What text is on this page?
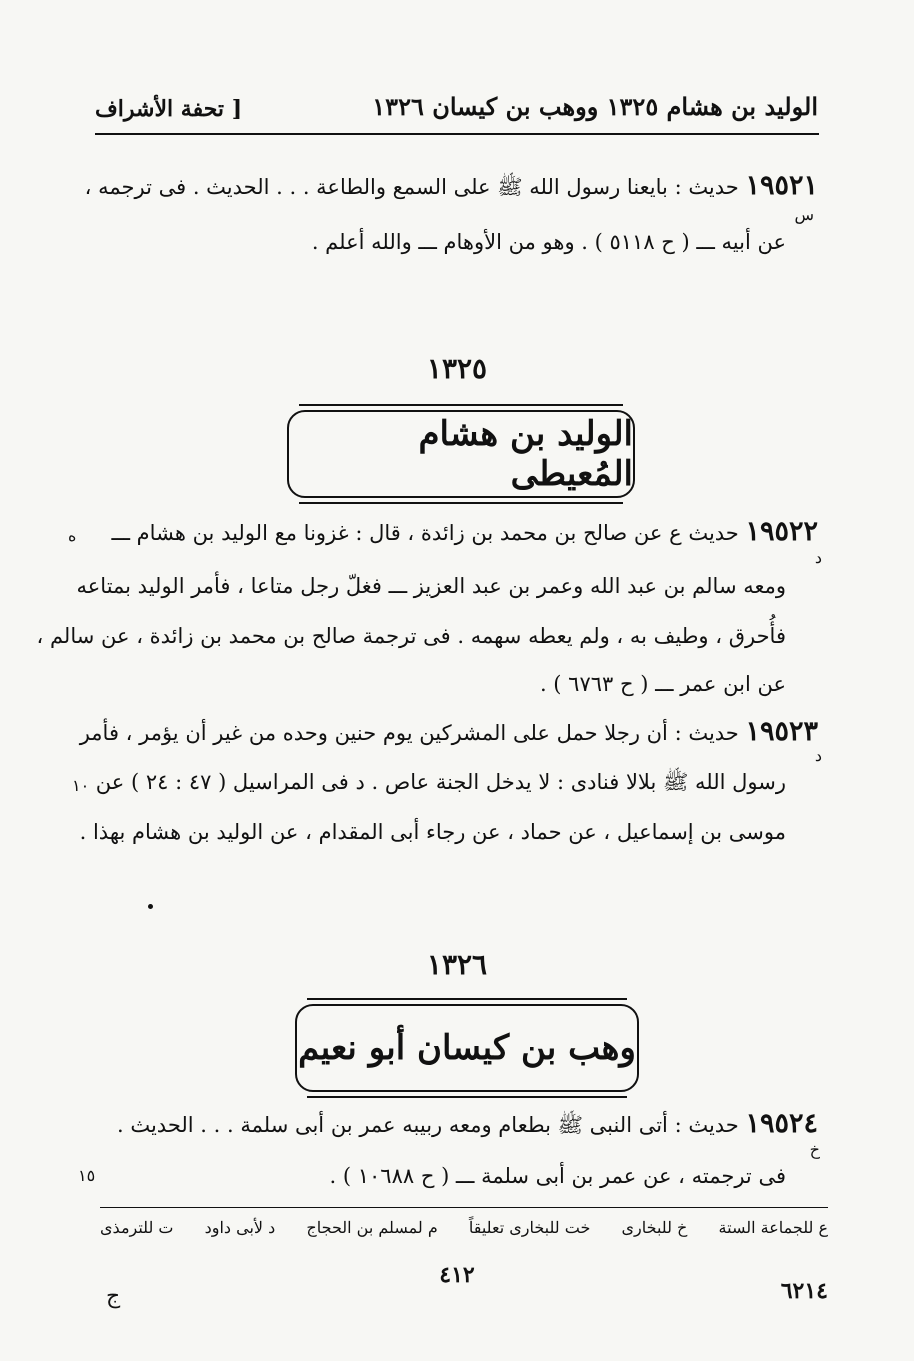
الوليد بن هشام ١٣٢٥ ووهب بن كيسان ١٣٢٦
[ تحفة الأشراف
١٩٥٢١ حديث : بايعنا رسول الله ﷺ على السمع والطاعة . . . الحديث . فى ترجمه ،
س
عن أبيه ـــ ( ح ٥١١٨ ) . وهو من الأوهام ـــ والله أعلم .
١٣٢٥
الوليد بن هشام المُعيطى
١٩٥٢٢ حديث ع عن صالح بن محمد بن زائدة ، قال : غزونا مع الوليد بن هشام ـــ
ه
د
ومعه سالم بن عبد الله وعمر بن عبد العزيز ـــ فغلّ رجل متاعا ، فأمر الوليد بمتاعه
فأُحرق ، وطيف به ، ولم يعطه سهمه . فى ترجمة صالح بن محمد بن زائدة ، عن سالم ،
عن ابن عمر ـــ ( ح ٦٧٦٣ ) .
١٩٥٢٣ حديث : أن رجلا حمل على المشركين يوم حنين وحده من غير أن يؤمر ، فأمر
د
رسول الله ﷺ بلالا فنادى : لا يدخل الجنة عاص . د فى المراسيل ( ٤٧ : ٢٤ ) عن
١٠
موسى بن إسماعيل ، عن حماد ، عن رجاء أبى المقدام ، عن الوليد بن هشام بهذا .
١٣٢٦
وهب بن كيسان أبو نعيم
١٩٥٢٤ حديث : أتى النبى ﷺ بطعام ومعه ربيبه عمر بن أبى سلمة . . . الحديث .
خ
فى ترجمته ، عن عمر بن أبى سلمة ـــ ( ح ١٠٦٨٨ ) .
١٥
ع للجماعة الستة
خ للبخارى
خت للبخارى تعليقاً
م لمسلم بن الحجاج
د لأبى داود
ت للترمذى
٤١٢
٦٢١٤
ج
